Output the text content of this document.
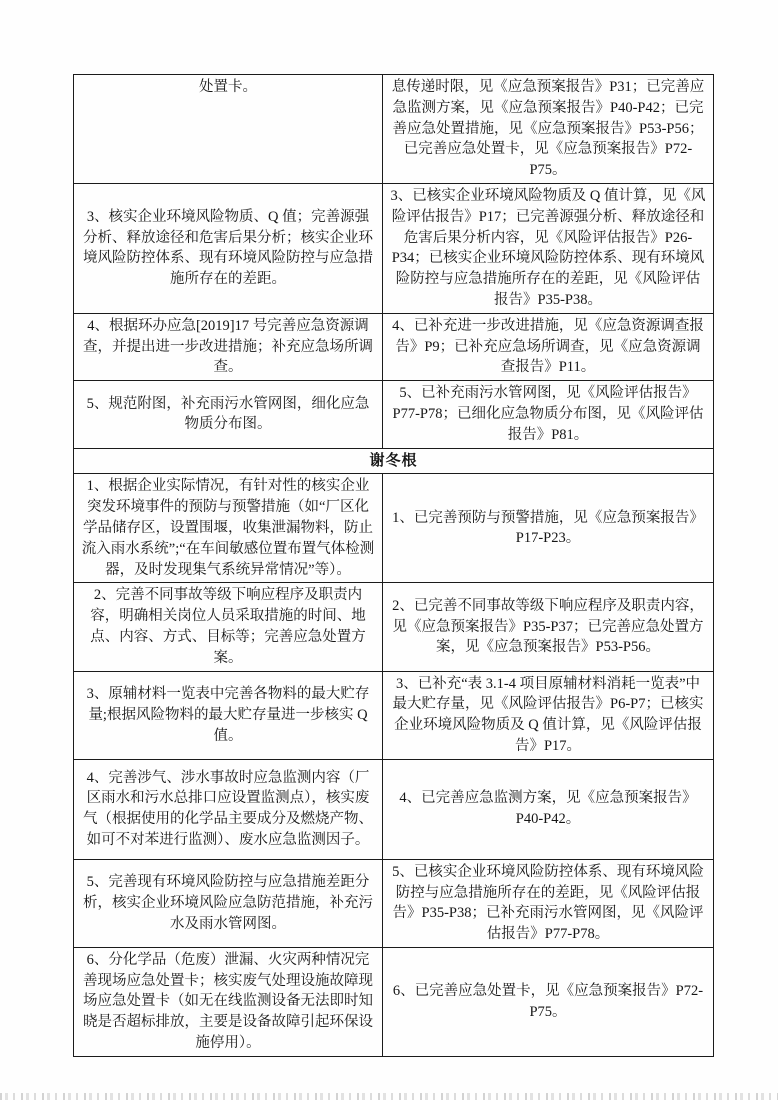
处置卡。	息传递时限，见《应急预案报告》P31；已完善应急监测方案，见《应急预案报告》P40-P42；已完善应急处置措施，见《应急预案报告》P53-P56；已完善应急处置卡，见《应急预案报告》P72-P75。
3、核实企业环境风险物质、Q 值；完善源强分析、释放途径和危害后果分析；核实企业环境风险防控体系、现有环境风险防控与应急措施所存在的差距。	3、已核实企业环境风险物质及 Q 值计算，见《风险评估报告》P17；已完善源强分析、释放途径和危害后果分析内容，见《风险评估报告》P26-P34；已核实企业环境风险防控体系、现有环境风险防控与应急措施所存在的差距，见《风险评估报告》P35-P38。
4、根据环办应急[2019]17 号完善应急资源调查，并提出进一步改进措施；补充应急场所调查。	4、已补充进一步改进措施，见《应急资源调查报告》P9；已补充应急场所调查，见《应急资源调查报告》P11。
5、规范附图，补充雨污水管网图，细化应急物质分布图。	5、已补充雨污水管网图，见《风险评估报告》P77-P78；已细化应急物质分布图，见《风险评估报告》P81。
谢冬根	
1、根据企业实际情况，有针对性的核实企业突发环境事件的预防与预警措施（如“厂区化学品储存区，设置围堰，收集泄漏物料，防止流入雨水系统”;“在车间敏感位置布置气体检测器，及时发现集气系统异常情况”等）。	1、已完善预防与预警措施，见《应急预案报告》P17-P23。
2、完善不同事故等级下响应程序及职责内容，明确相关岗位人员采取措施的时间、地点、内容、方式、目标等；完善应急处置方案。	2、已完善不同事故等级下响应程序及职责内容，见《应急预案报告》P35-P37；已完善应急处置方案，见《应急预案报告》P53-P56。
3、原辅材料一览表中完善各物料的最大贮存量;根据风险物料的最大贮存量进一步核实 Q 值。	3、已补充“表 3.1-4 项目原辅材料消耗一览表”中最大贮存量，见《风险评估报告》P6-P7；已核实企业环境风险物质及 Q 值计算，见《风险评估报告》P17。
4、完善涉气、涉水事故时应急监测内容（厂区雨水和污水总排口应设置监测点），核实废气（根据使用的化学品主要成分及燃烧产物、如可不对苯进行监测）、废水应急监测因子。	4、已完善应急监测方案，见《应急预案报告》P40-P42。
5、完善现有环境风险防控与应急措施差距分析，核实企业环境风险应急防范措施，补充污水及雨水管网图。	5、已核实企业环境风险防控体系、现有环境风险防控与应急措施所存在的差距，见《风险评估报告》P35-P38；已补充雨污水管网图，见《风险评估报告》P77-P78。
6、分化学品（危废）泄漏、火灾两种情况完善现场应急处置卡；核实废气处理设施故障现场应急处置卡（如无在线监测设备无法即时知晓是否超标排放，主要是设备故障引起环保设施停用）。	6、已完善应急处置卡，见《应急预案报告》P72-P75。
